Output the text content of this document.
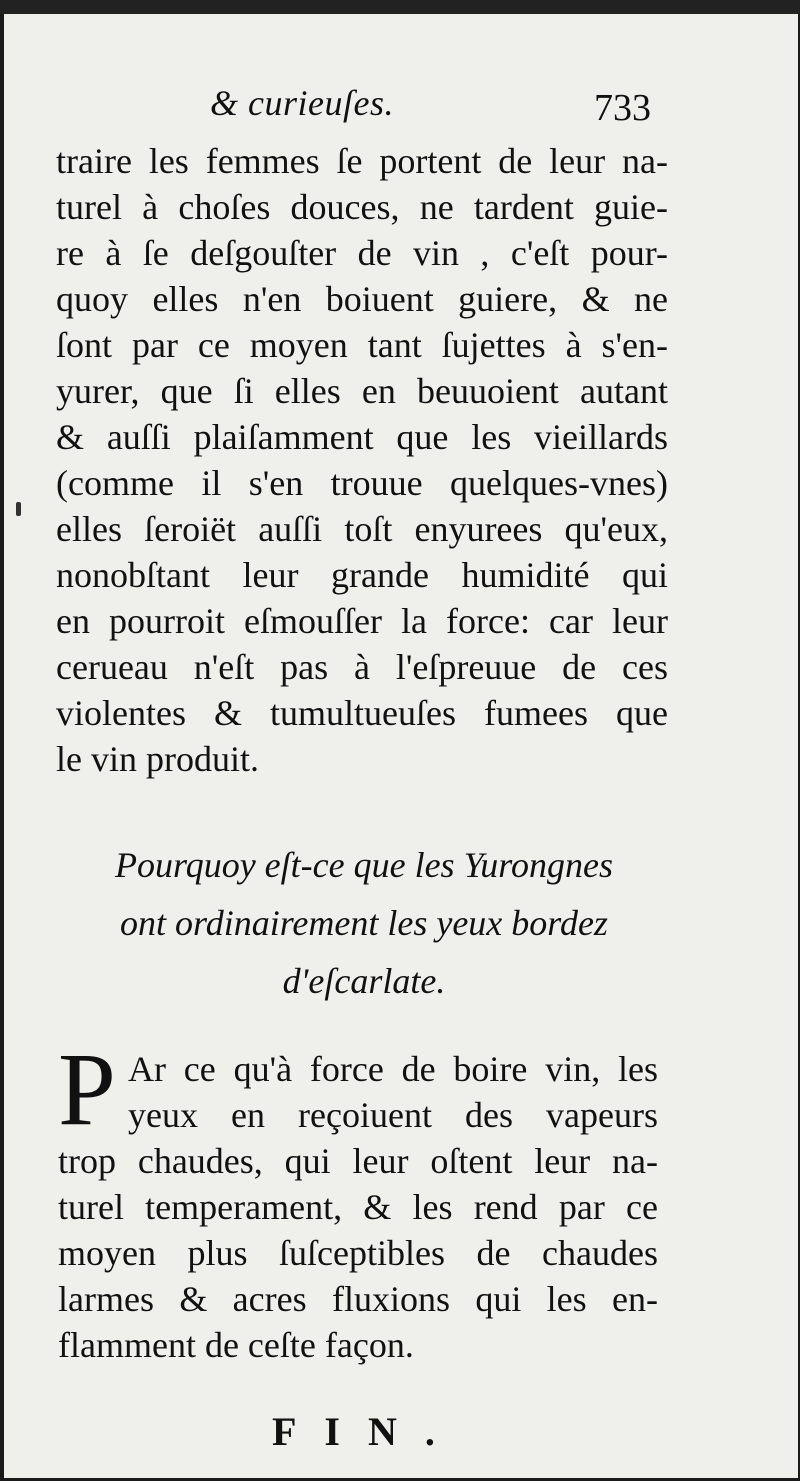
& curieuſes.	733
traire les femmes ſe portent de leur na-
turel à choſes douces, ne tardent guie-
re à ſe deſgouſter de vin , c'eſt pour-
quoy elles n'en boiuent guiere, & ne
ſont par ce moyen tant ſujettes à s'en-
yurer, que ſi elles en beuuoient autant
& auſſi plaiſamment que les vieillards
(comme il s'en trouue quelques-vnes)
elles ſeroiët auſſi toſt enyurees qu'eux,
nonobſtant leur grande humidité qui
en pourroit eſmouſſer la force: car leur
cerueau n'eſt pas à l'eſpreuue de ces
violentes & tumultueuſes fumees que
le vin produit.
Pourquoy eſt-ce que les Yurongnes
ont ordinairement les yeux bordez
d'eſcarlate.
P Ar ce qu'à force de boire vin, les
yeux en reçoiuent des vapeurs
trop chaudes, qui leur oſtent leur na-
turel temperament, & les rend par ce
moyen plus ſuſceptibles de chaudes
larmes & acres fluxions qui les en-
flamment de ceſte façon.
FIN.
